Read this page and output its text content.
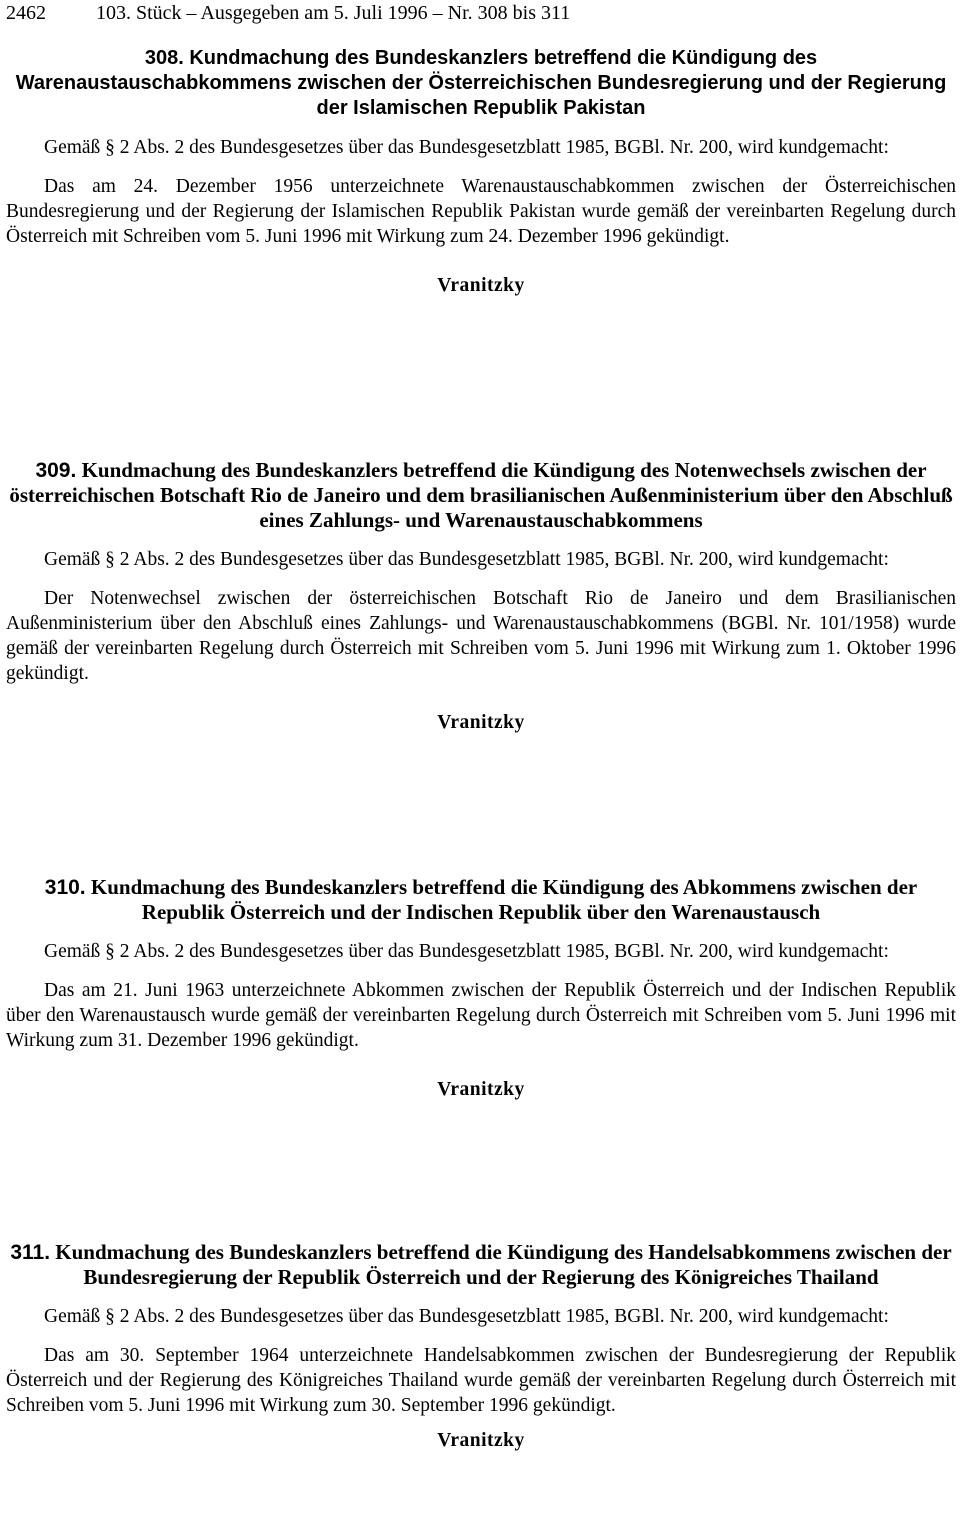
2462	103. Stück – Ausgegeben am 5. Juli 1996 – Nr. 308 bis 311
308. Kundmachung des Bundeskanzlers betreffend die Kündigung des Warenaustauschabkommens zwischen der Österreichischen Bundesregierung und der Regierung der Islamischen Republik Pakistan

Gemäß § 2 Abs. 2 des Bundesgesetzes über das Bundesgesetzblatt 1985, BGBl. Nr. 200, wird kundgemacht:

Das am 24. Dezember 1956 unterzeichnete Warenaustauschabkommen zwischen der Österreichischen Bundesregierung und der Regierung der Islamischen Republik Pakistan wurde gemäß der vereinbarten Regelung durch Österreich mit Schreiben vom 5. Juni 1996 mit Wirkung zum 24. Dezember 1996 gekündigt.

Vranitzky
309. Kundmachung des Bundeskanzlers betreffend die Kündigung des Notenwechsels zwischen der österreichischen Botschaft Rio de Janeiro und dem brasilianischen Außenministerium über den Abschluß eines Zahlungs- und Warenaustauschabkommens

Gemäß § 2 Abs. 2 des Bundesgesetzes über das Bundesgesetzblatt 1985, BGBl. Nr. 200, wird kundgemacht:

Der Notenwechsel zwischen der österreichischen Botschaft Rio de Janeiro und dem Brasilianischen Außenministerium über den Abschluß eines Zahlungs- und Warenaustauschabkommens (BGBl. Nr. 101/1958) wurde gemäß der vereinbarten Regelung durch Österreich mit Schreiben vom 5. Juni 1996 mit Wirkung zum 1. Oktober 1996 gekündigt.

Vranitzky
310. Kundmachung des Bundeskanzlers betreffend die Kündigung des Abkommens zwischen der Republik Österreich und der Indischen Republik über den Warenaustausch

Gemäß § 2 Abs. 2 des Bundesgesetzes über das Bundesgesetzblatt 1985, BGBl. Nr. 200, wird kundgemacht:

Das am 21. Juni 1963 unterzeichnete Abkommen zwischen der Republik Österreich und der Indischen Republik über den Warenaustausch wurde gemäß der vereinbarten Regelung durch Österreich mit Schreiben vom 5. Juni 1996 mit Wirkung zum 31. Dezember 1996 gekündigt.

Vranitzky
311. Kundmachung des Bundeskanzlers betreffend die Kündigung des Handelsabkommens zwischen der Bundesregierung der Republik Österreich und der Regierung des Königreiches Thailand

Gemäß § 2 Abs. 2 des Bundesgesetzes über das Bundesgesetzblatt 1985, BGBl. Nr. 200, wird kundgemacht:

Das am 30. September 1964 unterzeichnete Handelsabkommen zwischen der Bundesregierung der Republik Österreich und der Regierung des Königreiches Thailand wurde gemäß der vereinbarten Regelung durch Österreich mit Schreiben vom 5. Juni 1996 mit Wirkung zum 30. September 1996 gekündigt.

Vranitzky
